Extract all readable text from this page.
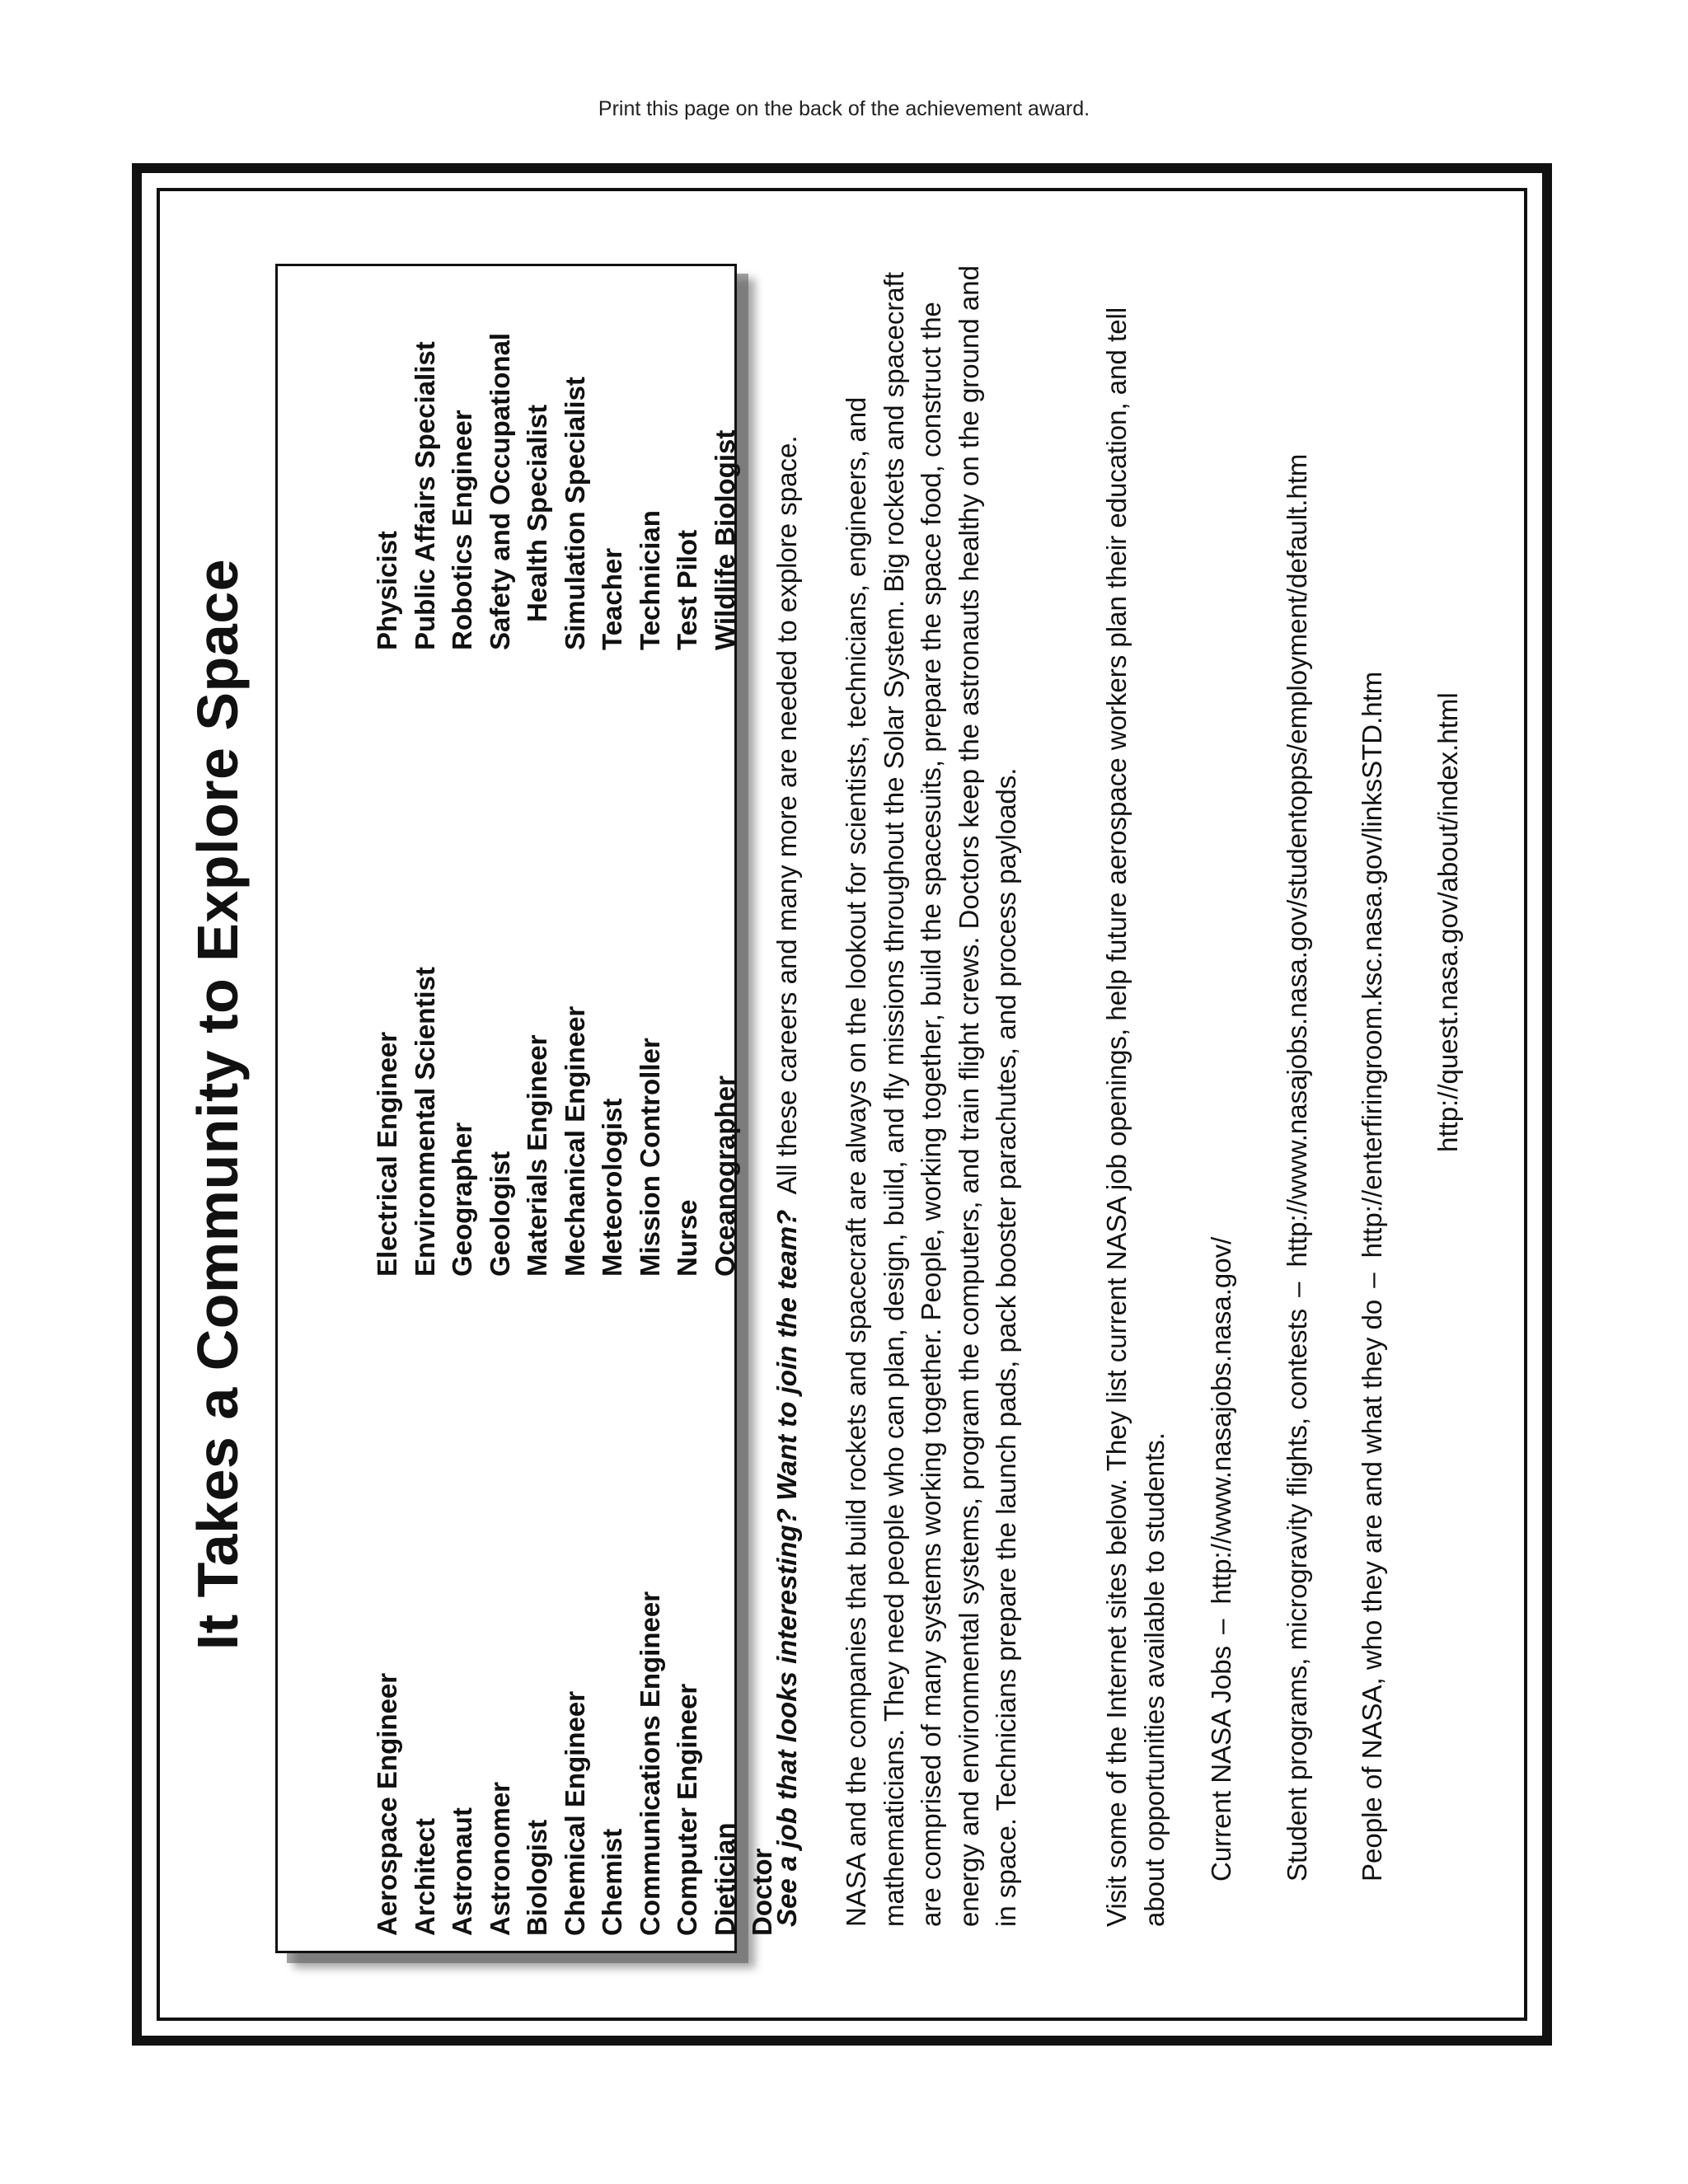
Print this page on the back of the achievement award.
It Takes a Community to Explore Space
Aerospace Engineer Architect Astronaut Astronomer Biologist Chemical Engineer Chemist Communications Engineer Computer Engineer Dietician Doctor
Electrical Engineer Environmental Scientist Geographer Geologist Materials Engineer Mechanical Engineer Meteorologist Mission Controller Nurse Oceanographer
Physicist Public Affairs Specialist Robotics Engineer Safety and Occupational Health Specialist Simulation Specialist Teacher Technician Test Pilot Wildlife Biologist

See a job that looks interesting? Want to join the team?  All these careers and many more are needed to explore space. NASA and the companies that build rockets and spacecraft are always on the lookout for scientists, technicians, engineers, and mathematicians. They need people who can plan, design, build, and fly missions throughout the Solar System. Big rockets and spacecraft are comprised of many systems working together. People, working together, build the spacesuits, prepare the space food, construct the energy and environmental systems, program the computers, and train flight crews. Doctors keep the astronauts healthy on the ground and in space. Technicians prepare the launch pads, pack booster parachutes, and process payloads.	Visit some of the Internet sites below. They list current NASA job openings, help future aerospace workers plan their education, and tell about opportunities available to students. Current NASA Jobs–http://www.nasajobs.nasa.gov/ Student programs, microgravity flights, contests–http://www.nasajobs.nasa.gov/studentopps/employment/default.htm
People of NASA, who they are and what they do–http://enterfiringroom.ksc.nasa.gov/linksSTD.htm http://quest.nasa.gov/about/index.html
